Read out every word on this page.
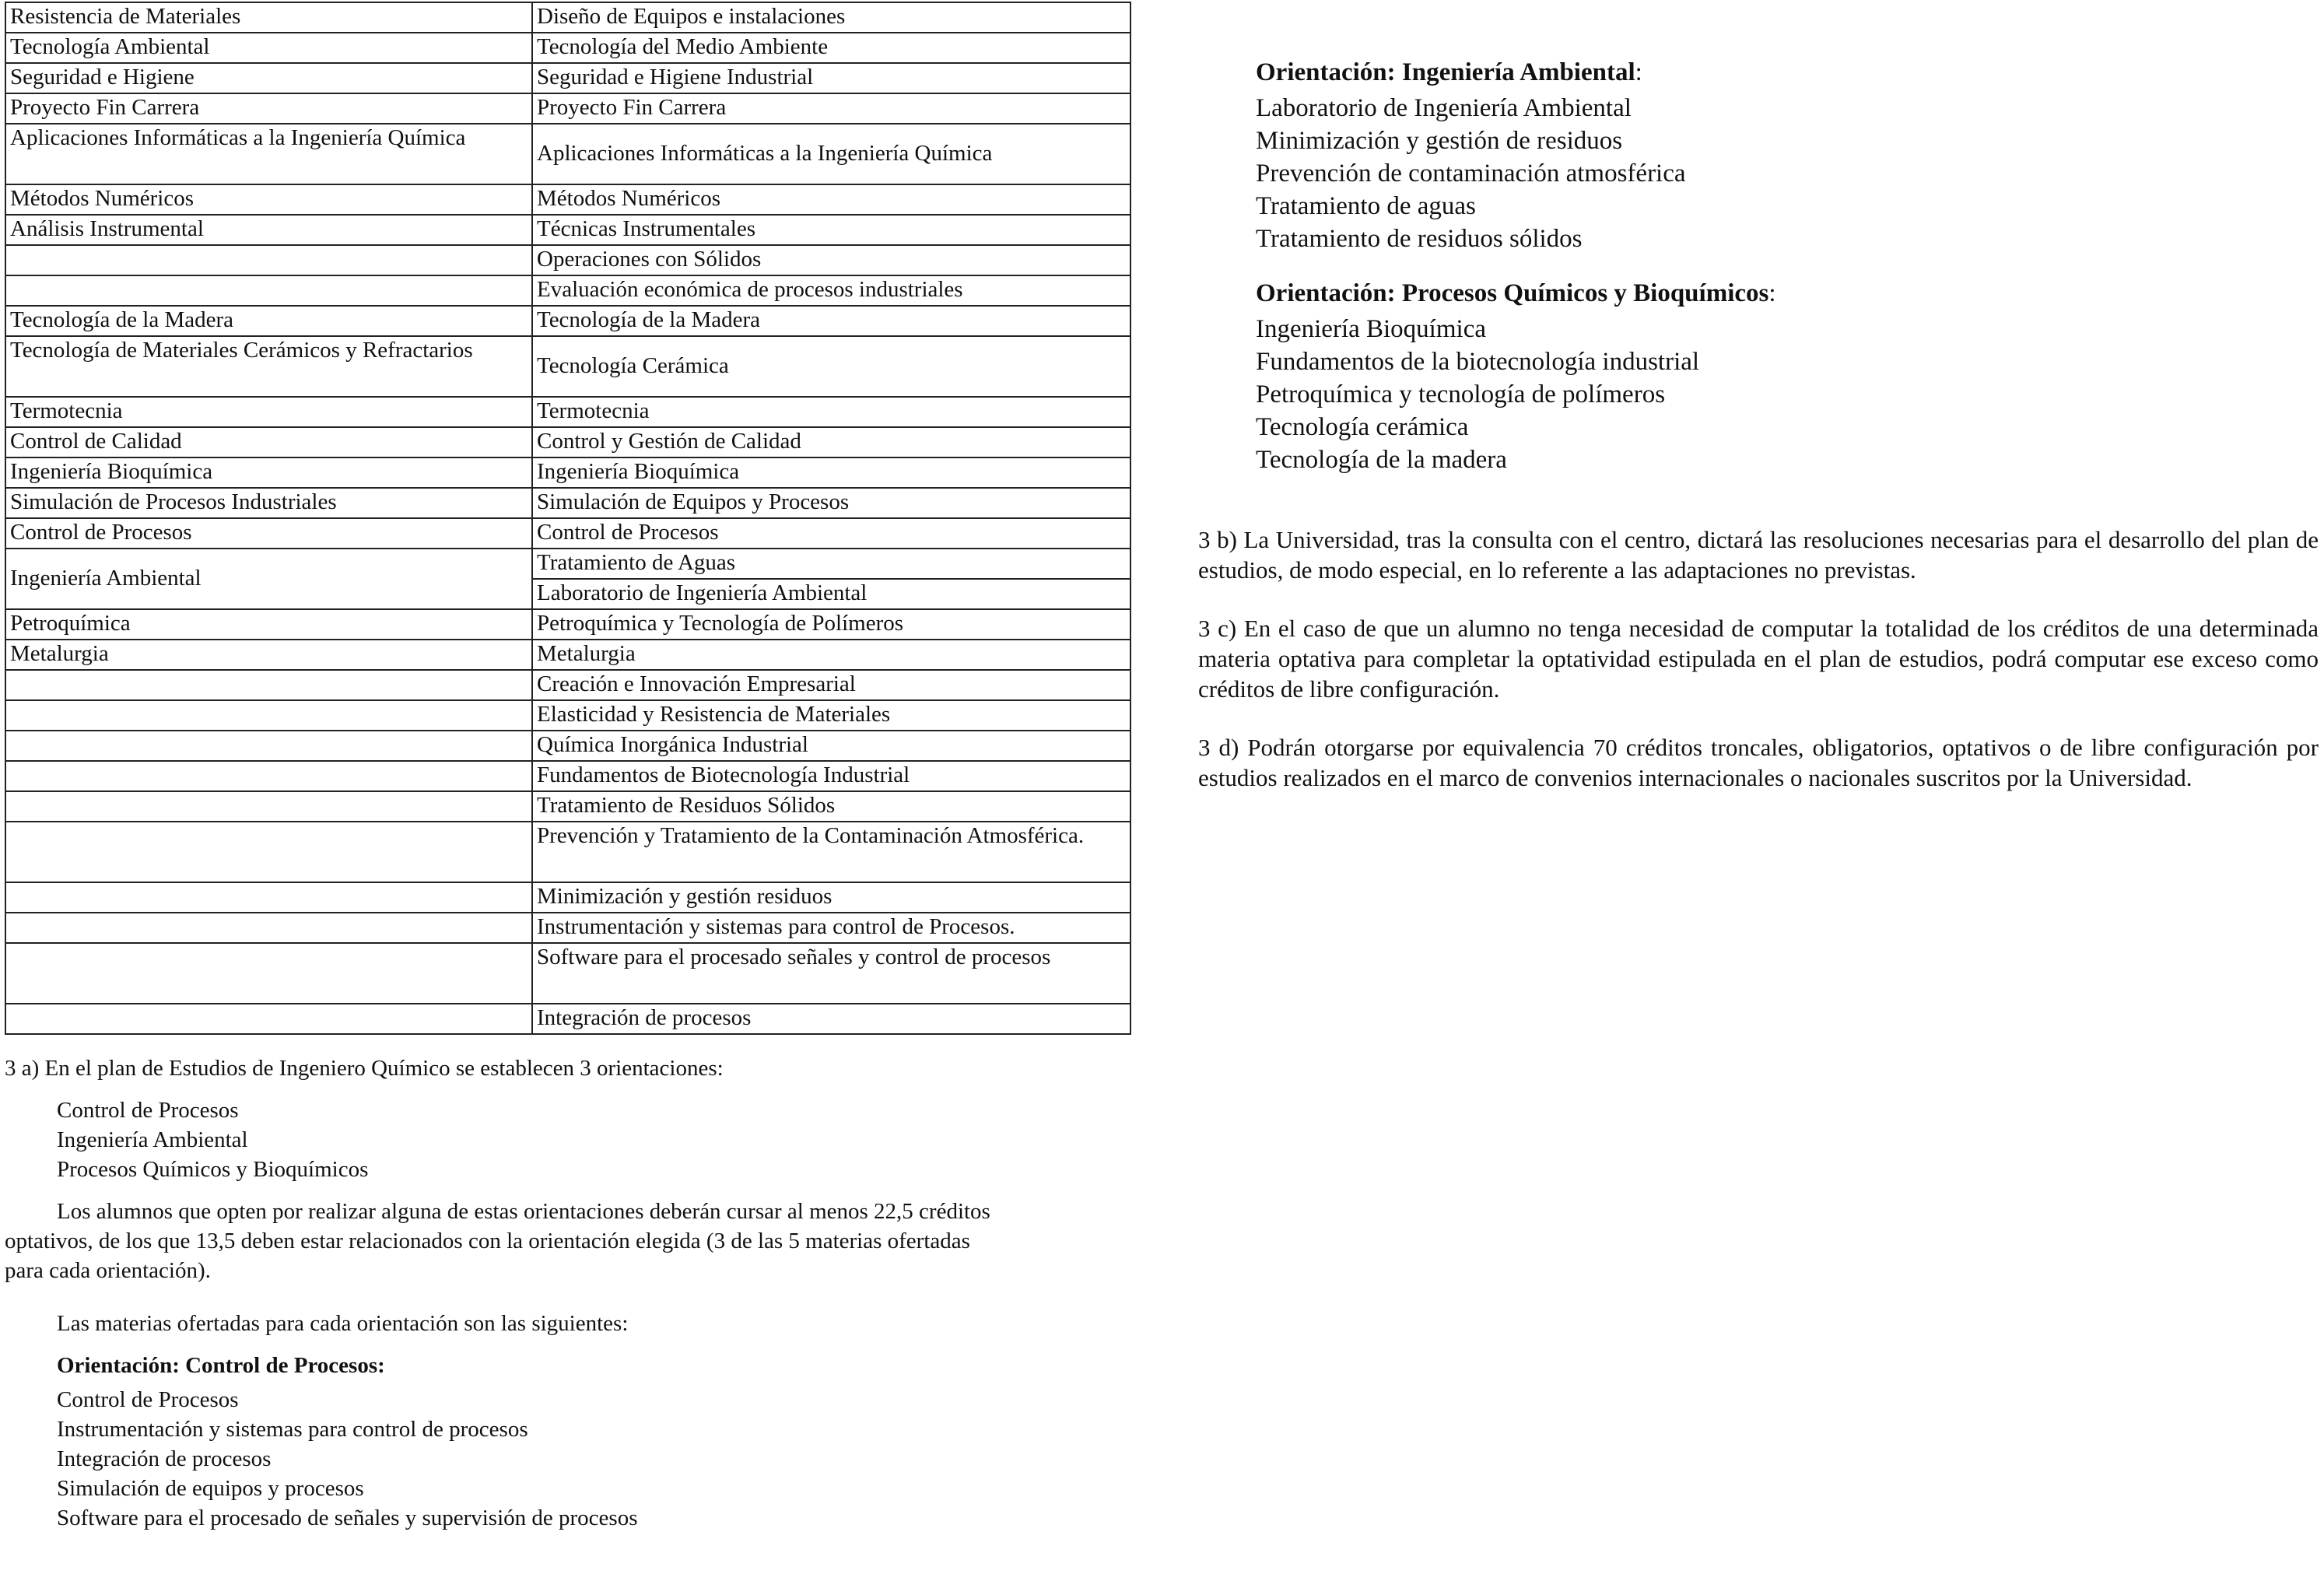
Resistencia de Materiales	Diseño de Equipos e instalaciones
Tecnología Ambiental	Tecnología del Medio Ambiente
Seguridad e Higiene	Seguridad e Higiene Industrial
Proyecto Fin Carrera	Proyecto Fin Carrera
Aplicaciones Informáticas a la Ingeniería Química	Aplicaciones Informáticas a la Ingeniería Química
Métodos Numéricos	Métodos Numéricos
Análisis Instrumental	Técnicas Instrumentales
	Operaciones con Sólidos
	Evaluación económica de procesos industriales
Tecnología de la Madera	Tecnología de la Madera
Tecnología de Materiales Cerámicos y Refractarios	Tecnología Cerámica
Termotecnia	Termotecnia
Control de Calidad	Control y Gestión de Calidad
Ingeniería Bioquímica	Ingeniería Bioquímica
Simulación de Procesos Industriales	Simulación de Equipos y Procesos
Control de Procesos	Control de Procesos
Ingeniería Ambiental	Tratamiento de Aguas
	Laboratorio de Ingeniería Ambiental
Petroquímica	Petroquímica y Tecnología de Polímeros
Metalurgia	Metalurgia
	Creación e Innovación Empresarial
	Elasticidad y Resistencia de Materiales
	Química Inorgánica Industrial
	Fundamentos de Biotecnología Industrial
	Tratamiento de Residuos Sólidos
	Prevención y Tratamiento de la Contaminación Atmosférica.
	Minimización y gestión residuos
	Instrumentación y sistemas para control de Procesos.
	Software para el procesado señales y control de procesos
	Integración de procesos

3 a) En el plan de Estudios de Ingeniero Químico se establecen 3 orientaciones:

Control de Procesos
Ingeniería Ambiental
Procesos Químicos y Bioquímicos

Los alumnos que opten por realizar alguna de estas orientaciones deberán cursar al menos 22,5 créditos optativos, de los que 13,5 deben estar relacionados con la orientación elegida (3 de las 5 materias ofertadas para cada orientación).

Las materias ofertadas para cada orientación son las siguientes:

Orientación: Control de Procesos:

Control de Procesos
Instrumentación y sistemas para control de procesos
Integración de procesos
Simulación de equipos y procesos
Software para el procesado de señales y supervisión de procesos
Orientación: Ingeniería Ambiental:
Laboratorio de Ingeniería Ambiental
Minimización y gestión de residuos
Prevención de contaminación atmosférica
Tratamiento de aguas
Tratamiento de residuos sólidos
Orientación: Procesos Químicos y Bioquímicos:
Ingeniería Bioquímica
Fundamentos de la biotecnología industrial
Petroquímica y tecnología de polímeros
Tecnología cerámica
Tecnología de la madera

3 b) La Universidad, tras la consulta con el centro, dictará las resoluciones necesarias para el desarrollo del plan de estudios, de modo especial, en lo referente a las adaptaciones no previstas.

3 c) En el caso de que un alumno no tenga necesidad de computar la totalidad de los créditos de una determinada materia optativa para completar la optatividad estipulada en el plan de estudios, podrá computar ese exceso como créditos de libre configuración.

3 d) Podrán otorgarse por equivalencia 70 créditos troncales, obligatorios, optativos o de libre configuración por estudios realizados en el marco de convenios internacionales o nacionales suscritos por la Universidad.
